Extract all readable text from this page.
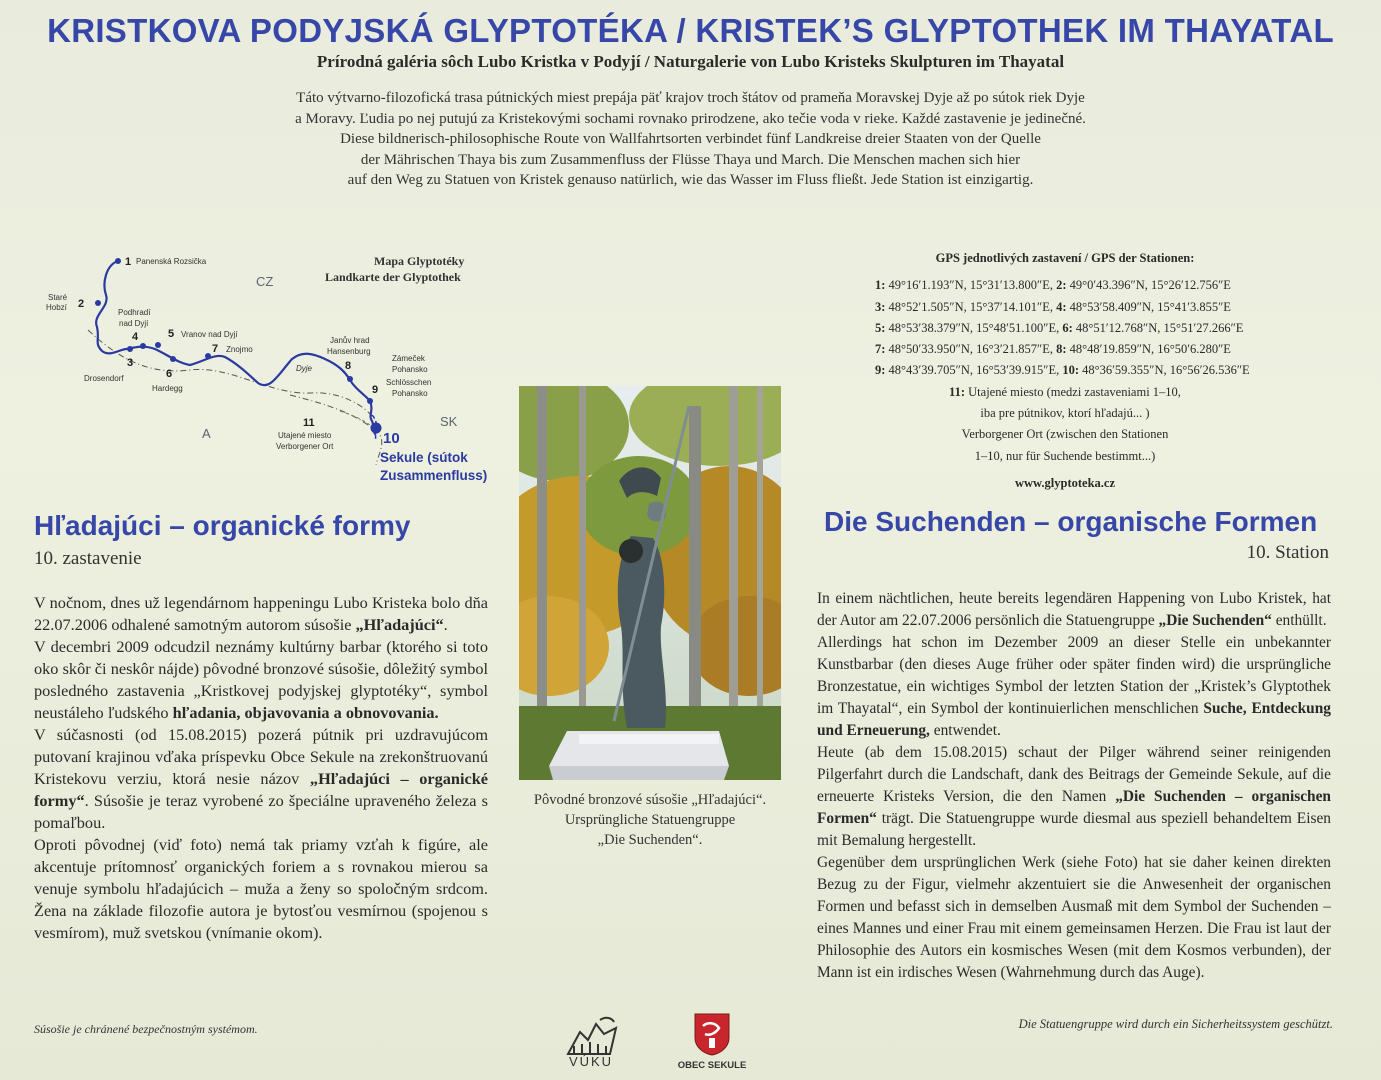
KRISTKOVA PODYJSKÁ GLYPTOTÉKA / KRISTEK’S GLYPTOTHEK IM THAYATAL
Prírodná galéria sôch Lubo Kristka v Podyjí / Naturgalerie von Lubo Kristeks Skulpturen im Thayatal
Táto výtvarno-filozofická trasa pútnických miest prepája päť krajov troch štátov od prameňa Moravskej Dyje až po sútok riek Dyje
a Moravy. Ľudia po nej putujú za Kristekovými sochami rovnako prirodzene, ako tečie voda v rieke. Každé zastavenie je jedinečné.
Diese bildnerisch-philosophische Route von Wallfahrtsorten verbindet fünf Landkreise dreier Staaten von der Quelle
der Mährischen Thaya bis zum Zusammenfluss der Flüsse Thaya und March. Die Menschen machen sich hier
auf den Weg zu Statuen von Kristek genauso natürlich, wie das Wasser im Fluss fließt. Jede Station ist einzigartig.
1 Panenská Rozsička
2
Staré
Hobzí
3
Drosendorf
4
Podhradí
nad Dyjí
5 Vranov nad Dyjí
6
Hardegg
7 Znojmo
8
Janův hrad
Hansenburg
9
Zámeček
Pohansko
Schlösschen
Pohansko
11
Utajené miesto
Verborgener Ort	10
Sekule (sútok
Zusammenfluss)
CZ
A
SK
Dyje
Mapa Glyptotéky
Landkarte der Glyptothek
GPS jednotlivých zastavení / GPS der Stationen:
1: 49°16′1.193″N, 15°31′13.800″E, 2: 49°0′43.396″N, 15°26′12.756″E
3: 48°52′1.505″N, 15°37′14.101″E, 4: 48°53′58.409″N, 15°41′3.855″E
5: 48°53′38.379″N, 15°48′51.100″E, 6: 48°51′12.768″N, 15°51′27.266″E
7: 48°50′33.950″N, 16°3′21.857″E, 8: 48°48′19.859″N, 16°50′6.280″E
9: 48°43′39.705″N, 16°53′39.915″E, 10: 48°36′59.355″N, 16°56′26.536″E
11: Utajené miesto (medzi zastaveniami 1–10,
iba pre pútnikov, ktorí hľadajú... )
Verborgener Ort (zwischen den Stationen
1–10, nur für Suchende bestimmt...)
www.glyptoteka.cz
Pôvodné bronzové súsošie „Hľadajúci“.
Ursprüngliche Statuengruppe
„Die Suchenden“.
Hľadajúci – organické formy
10. zastavenie

V nočnom, dnes už legendárnom happeningu Lubo Kristeka bolo dňa 22.07.2006 odhalené samotným autorom súsošie „Hľadajúci“.

V decembri 2009 odcudzil neznámy kultúrny barbar (ktorého si toto oko skôr či neskôr nájde) pôvodné bronzové súsošie, dôležitý symbol posledného zastavenia „Kristkovej podyjskej glyptotéky“, symbol neustáleho ľudského hľadania, objavovania a obnovovania.

V súčasnosti (od 15.08.2015) pozerá pútnik pri uzdravujúcom putovaní krajinou vďaka príspevku Obce Sekule na zrekonštruovanú Kristekovu verziu, ktorá nesie názov „Hľadajúci – organické formy“. Súsošie je teraz vyrobené zo špeciálne upraveného železa s pomaľbou.

Oproti pôvodnej (viď foto) nemá tak priamy vzťah k figúre, ale akcentuje prítomnosť organických foriem a s rovnakou mierou sa venuje symbolu hľadajúcich – muža a ženy so spoločným srdcom. Žena na základe filozofie autora je bytosťou vesmírnou (spojenou s vesmírom), muž svetskou (vnímanie okom).

Súsošie je chránené bezpečnostným systémom.
Die Suchenden – organische Formen
10. Station

In einem nächtlichen, heute bereits legendären Happening von Lubo Kristek, hat der Autor am 22.07.2006 persönlich die Statuengruppe „Die Suchenden“ enthüllt.

Allerdings hat schon im Dezember 2009 an dieser Stelle ein unbekannter Kunstbarbar (den dieses Auge früher oder später finden wird) die ursprüngliche Bronzestatue, ein wichtiges Symbol der letzten Station der „Kristek’s Glyptothek im Thayatal“, ein Symbol der kontinuierlichen menschlichen Suche, Entdeckung und Erneuerung, entwendet.

Heute (ab dem 15.08.2015) schaut der Pilger während seiner reinigenden Pilgerfahrt durch die Landschaft, dank des Beitrags der Gemeinde Sekule, auf die erneuerte Kristeks Version, die den Namen „Die Suchenden – organischen Formen“ trägt. Die Statuengruppe wurde diesmal aus speziell behandeltem Eisen mit Bemalung hergestellt.

Gegenüber dem ursprünglichen Werk (siehe Foto) hat sie daher keinen direkten Bezug zu der Figur, vielmehr akzentuiert sie die Anwesenheit der organischen Formen und befasst sich in demselben Ausmaß mit dem Symbol der Suchenden – eines Mannes und einer Frau mit einem gemeinsamen Herzen. Die Frau ist laut der Philosophie des Autors ein kosmisches Wesen (mit dem Kosmos verbunden), der Mann ist ein irdisches Wesen (Wahrnehmung durch das Auge).

Die Statuengruppe wird durch ein Sicherheitssystem geschützt.
VÚKU	OBEC SEKULE
